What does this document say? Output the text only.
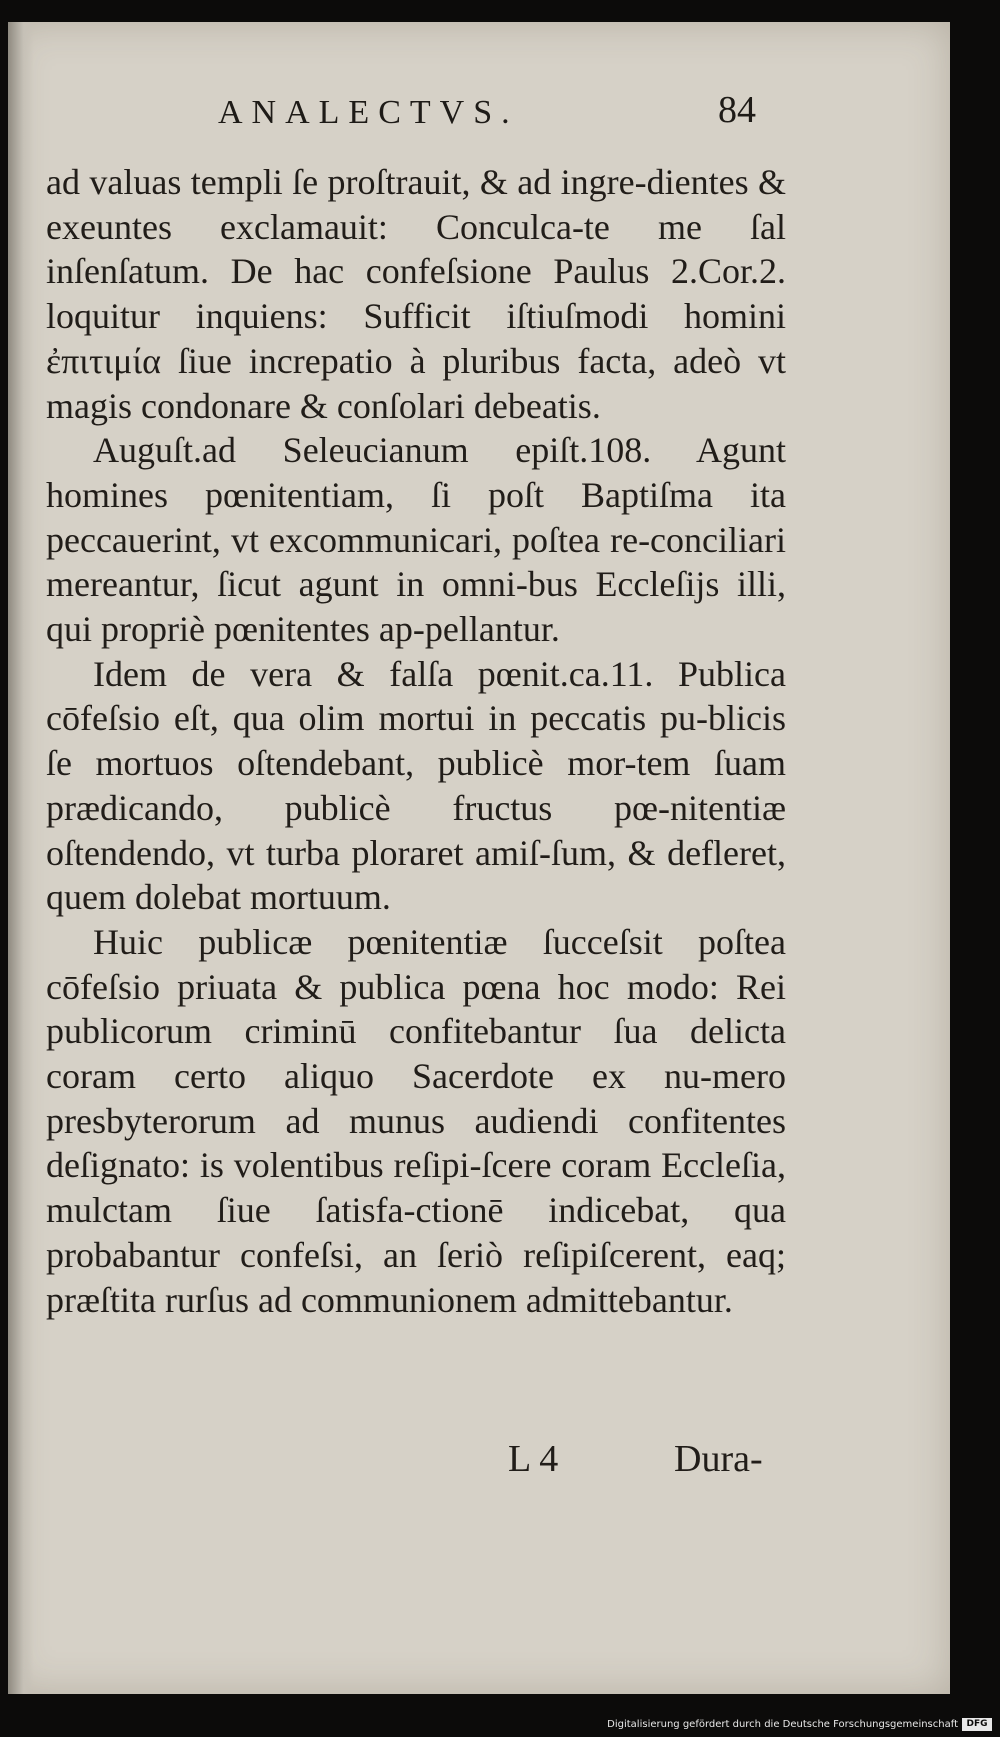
ANALECTVS.	84

ad valuas templi ſe proſtrauit, & ad ingre-dientes & exeuntes exclamauit: Conculca-te me ſal inſenſatum. De hac confeſsione Paulus 2.Cor.2. loquitur inquiens: Sufficit iſtiuſmodi homini ἐπιτιμία ſiue increpatio à pluribus facta, adeò vt magis condonare & conſolari debeatis.

Auguſt.ad Seleucianum epiſt.108. Agunt homines pœnitentiam, ſi poſt Baptiſma ita peccauerint, vt excommunicari, poſtea re-conciliari mereantur, ſicut agunt in omni-bus Eccleſijs illi, qui propriè pœnitentes ap-pellantur.

Idem de vera & falſa pœnit.ca.11. Publica cōfeſsio eſt, qua olim mortui in peccatis pu-blicis ſe mortuos oſtendebant, publicè mor-tem ſuam prædicando, publicè fructus pœ-nitentiæ oſtendendo, vt turba ploraret amiſ-ſum, & defleret, quem dolebat mortuum.

Huic publicæ pœnitentiæ ſucceſsit poſtea cōfeſsio priuata & publica pœna hoc modo: Rei publicorum criminū confitebantur ſua delicta coram certo aliquo Sacerdote ex nu-mero presbyterorum ad munus audiendi confitentes deſignato: is volentibus reſipi-ſcere coram Eccleſia, mulctam ſiue ſatisfa-ctionē indicebat, qua probabantur confeſsi, an ſeriò reſipiſcerent, eaq; præſtita rurſus ad communionem admittebantur.

L 4	Dura-

Digitalisierung gefördert durch die Deutsche Forschungsgemeinschaft DFG
